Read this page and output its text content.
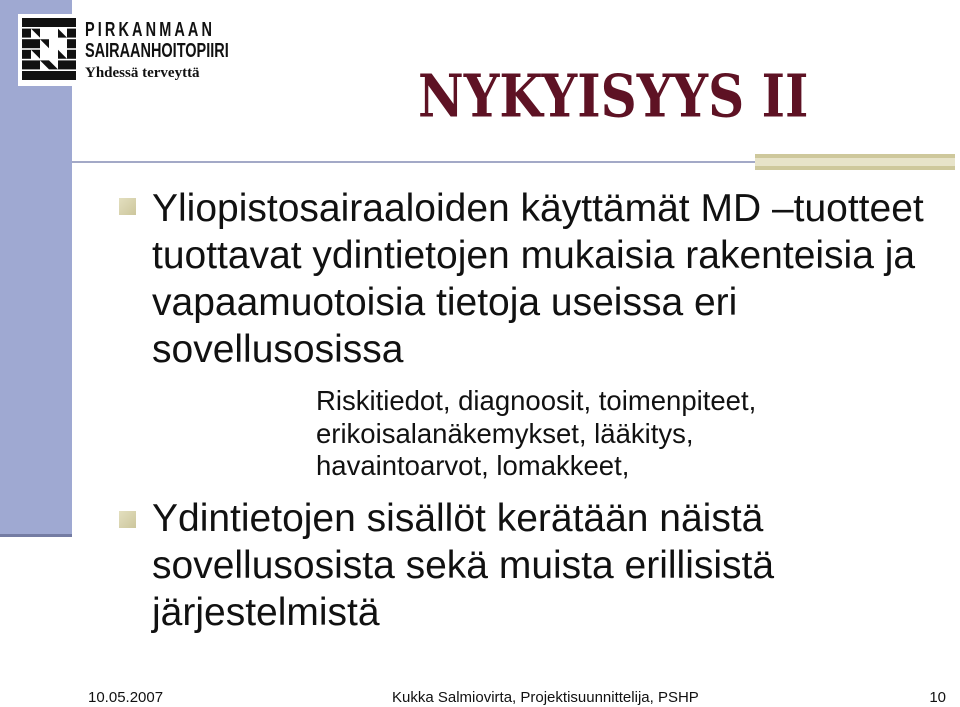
PIRKANMAAN
SAIRAANHOITOPIIRI
Yhdessä terveyttä	NYKYISYYS II
Yliopistosairaaloiden käyttämät MD –tuotteet
tuottavat ydintietojen mukaisia rakenteisia ja
vapaamuotoisia tietoja useissa eri
sovellusosissa
Riskitiedot, diagnoosit, toimenpiteet,
erikoisalanäkemykset, lääkitys,
havaintoarvot, lomakkeet,
Ydintietojen sisällöt kerätään näistä
sovellusosista sekä muista erillisistä
järjestelmistä
10.05.2007	Kukka Salmiovirta, Projektisuunnittelija, PSHP	10
